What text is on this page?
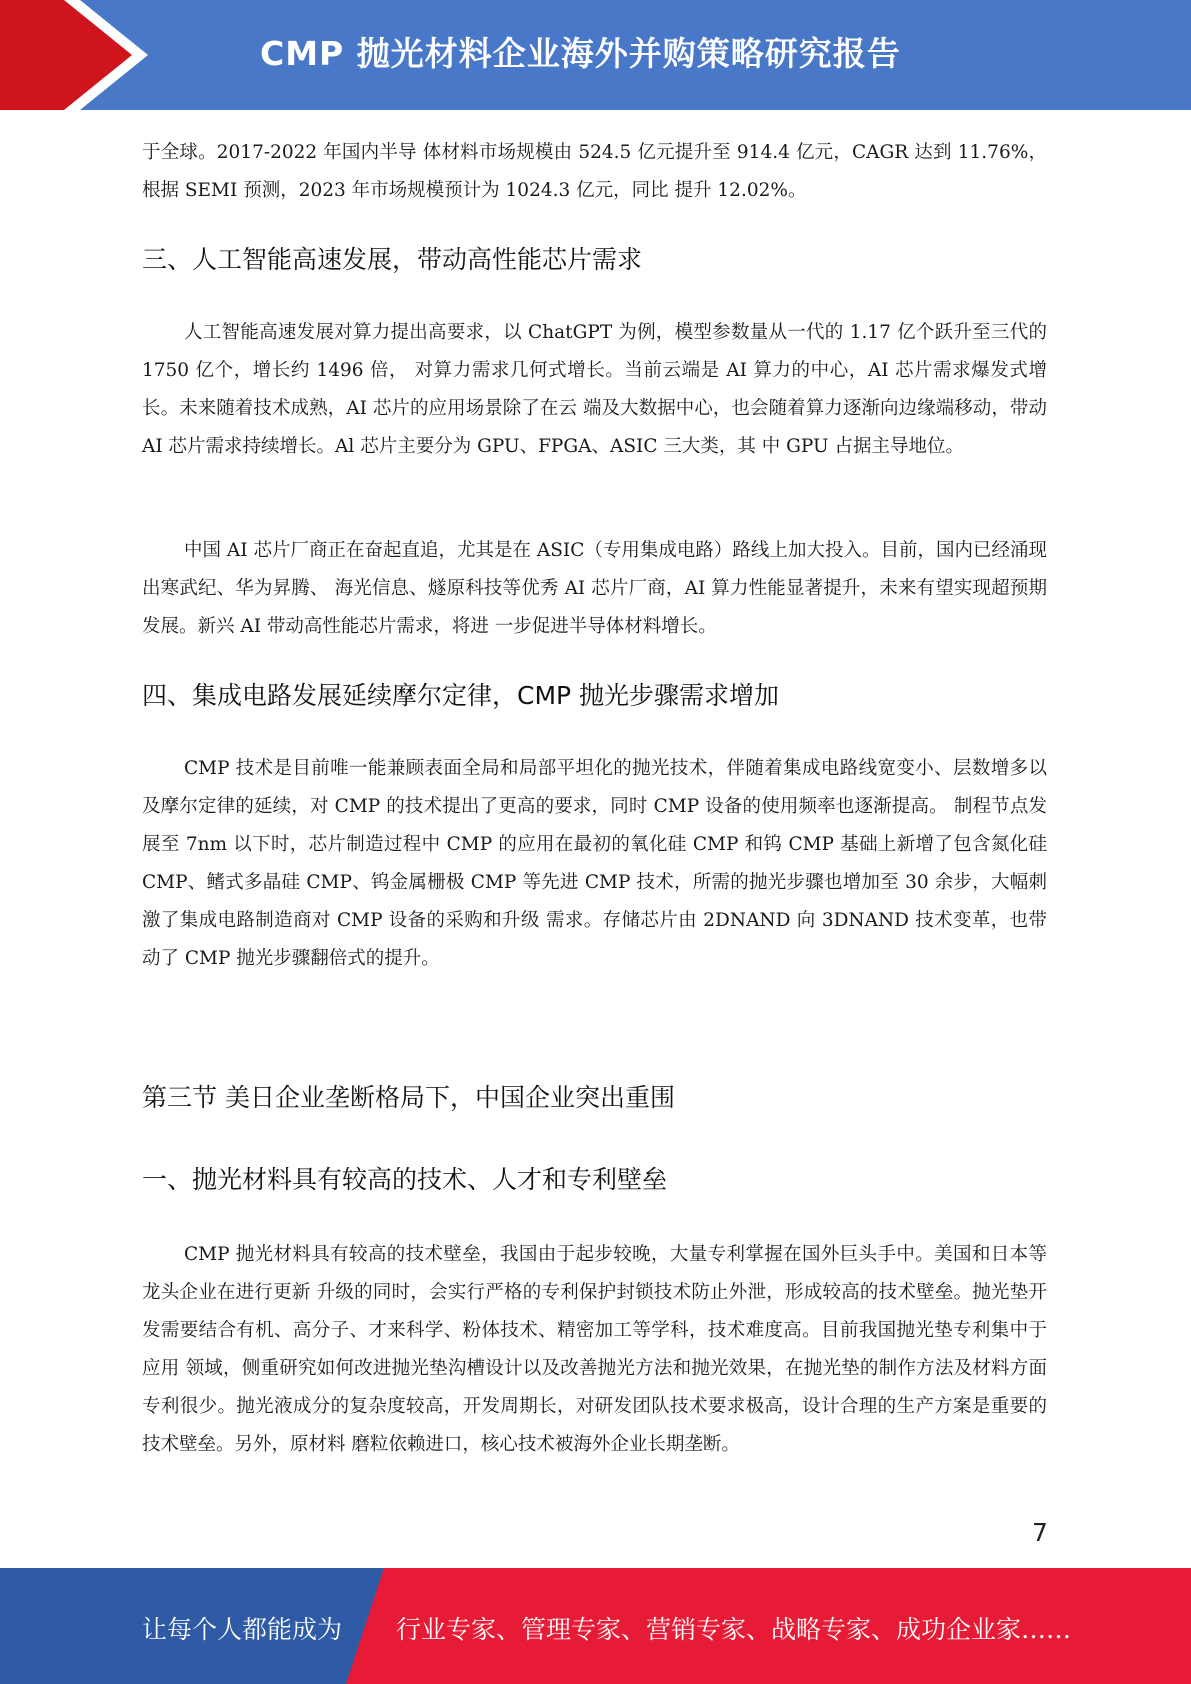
CMP 抛光材料企业海外并购策略研究报告

于全球。2017-2022 年国内半导 体材料市场规模由 524.5 亿元提升至 914.4 亿元，CAGR 达到 11.76%，根据 SEMI 预测，2023 年市场规模预计为 1024.3 亿元，同比 提升 12.02%。

三、人工智能高速发展，带动高性能芯片需求

人工智能高速发展对算力提出高要求，以 ChatGPT 为例，模型参数量从一代的 1.17 亿个跃升至三代的 1750 亿个，增长约 1496 倍， 对算力需求几何式增长。当前云端是 AI 算力的中心，AI 芯片需求爆发式增长。未来随着技术成熟，AI 芯片的应用场景除了在云 端及大数据中心，也会随着算力逐渐向边缘端移动，带动 AI 芯片需求持续增长。Al 芯片主要分为 GPU、FPGA、ASIC 三大类，其 中 GPU 占据主导地位。

中国 AI 芯片厂商正在奋起直追，尤其是在 ASIC（专用集成电路）路线上加大投入。目前，国内已经涌现出寒武纪、华为昇腾、 海光信息、燧原科技等优秀 AI 芯片厂商，AI 算力性能显著提升，未来有望实现超预期发展。新兴 AI 带动高性能芯片需求，将进 一步促进半导体材料增长。

四、集成电路发展延续摩尔定律，CMP 抛光步骤需求增加

CMP 技术是目前唯一能兼顾表面全局和局部平坦化的抛光技术，伴随着集成电路线宽变小、层数增多以及摩尔定律的延续，对 CMP 的技术提出了更高的要求，同时 CMP 设备的使用频率也逐渐提高。 制程节点发展至 7nm 以下时，芯片制造过程中 CMP 的应用在最初的氧化硅 CMP 和钨 CMP 基础上新增了包含氮化硅 CMP、鳍式多晶硅 CMP、钨金属栅极 CMP 等先进 CMP 技术，所需的抛光步骤也增加至 30 余步，大幅刺激了集成电路制造商对 CMP 设备的采购和升级 需求。存储芯片由 2DNAND 向 3DNAND 技术变革，也带动了 CMP 抛光步骤翻倍式的提升。

第三节 美日企业垄断格局下，中国企业突出重围
一、抛光材料具有较高的技术、人才和专利壁垒

CMP 抛光材料具有较高的技术壁垒，我国由于起步较晚，大量专利掌握在国外巨头手中。美国和日本等龙头企业在进行更新 升级的同时，会实行严格的专利保护封锁技术防止外泄，形成较高的技术壁垒。抛光垫开发需要结合有机、高分子、才来科学、粉体技术、精密加工等学科，技术难度高。目前我国抛光垫专利集中于应用 领域，侧重研究如何改进抛光垫沟槽设计以及改善抛光方法和抛光效果，在抛光垫的制作方法及材料方面专利很少。抛光液成分的复杂度较高，开发周期长，对研发团队技术要求极高，设计合理的生产方案是重要的技术壁垒。另外，原材料 磨粒依赖进口，核心技术被海外企业长期垄断。

7
让每个人都能成为 行业专家、管理专家、营销专家、战略专家、成功企业家……
